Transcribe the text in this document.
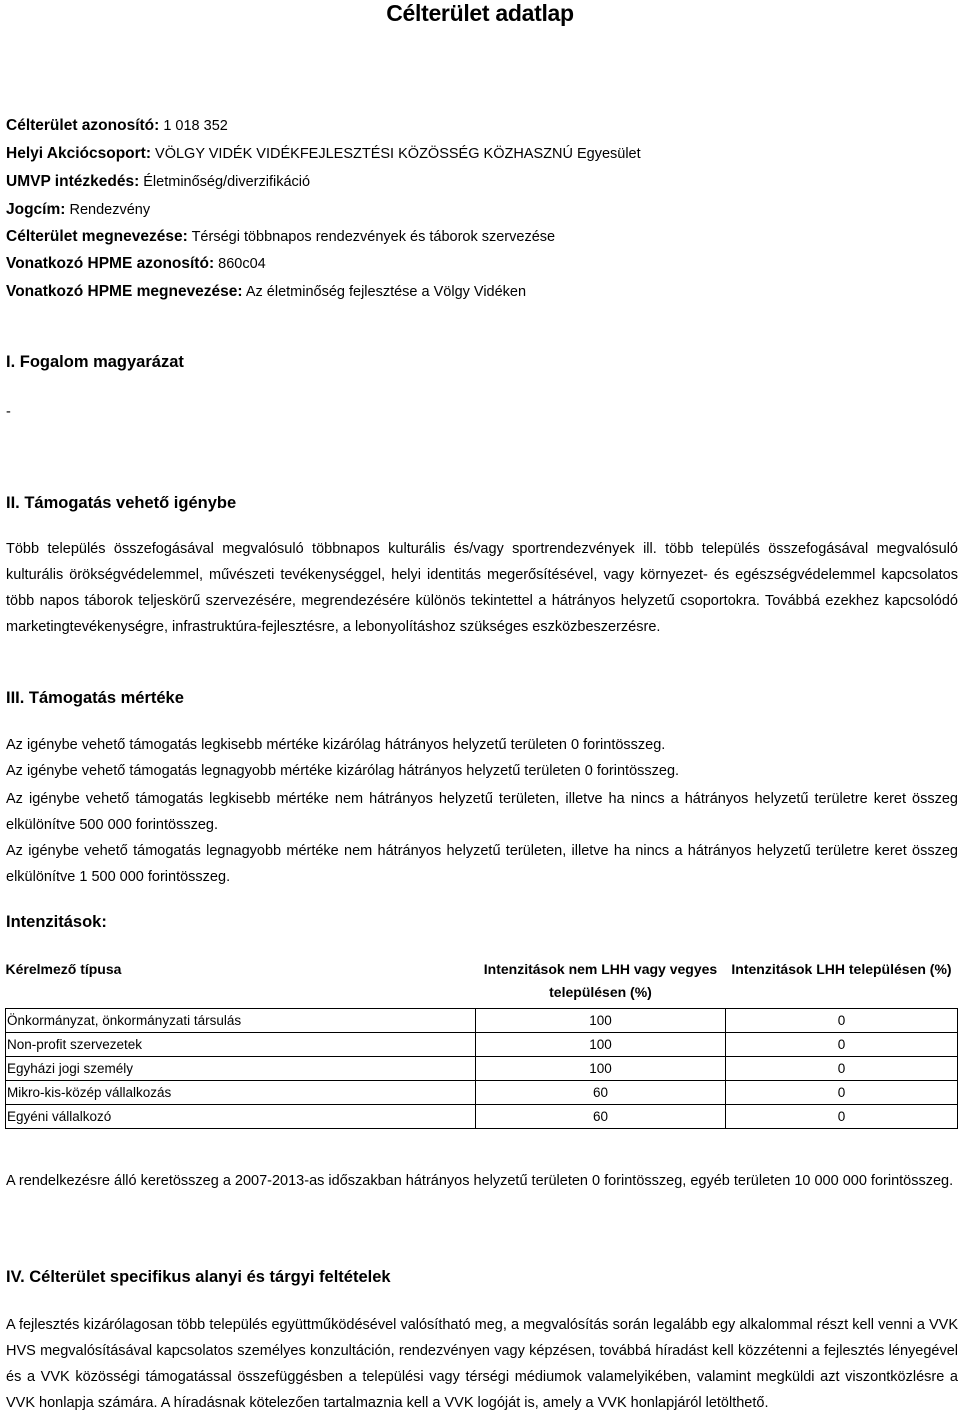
Célterület adatlap
Célterület azonosító: 1 018 352
Helyi Akciócsoport: VÖLGY VIDÉK VIDÉKFEJLESZTÉSI KÖZÖSSÉG KÖZHASZNÚ Egyesület
UMVP intézkedés: Életminőség/diverzifikáció
Jogcím: Rendezvény
Célterület megnevezése: Térségi többnapos rendezvények és táborok szervezése
Vonatkozó HPME azonosító: 860c04
Vonatkozó HPME megnevezése: Az életminőség fejlesztése a Völgy Vidéken
I. Fogalom magyarázat
-
II. Támogatás vehető igénybe
Több település összefogásával megvalósuló többnapos kulturális és/vagy sportrendezvények ill. több település összefogásával megvalósuló kulturális örökségvédelemmel, művészeti tevékenységgel, helyi identitás megerősítésével, vagy környezet- és egészségvédelemmel kapcsolatos több napos táborok teljeskörű szervezésére, megrendezésére különös tekintettel a hátrányos helyzetű csoportokra. Továbbá ezekhez kapcsolódó marketingtevékenységre, infrastruktúra-fejlesztésre, a lebonyolításhoz szükséges eszközbeszerzésre.
III. Támogatás mértéke
Az igénybe vehető támogatás legkisebb mértéke kizárólag hátrányos helyzetű területen 0 forintösszeg.
Az igénybe vehető támogatás legnagyobb mértéke kizárólag hátrányos helyzetű területen 0 forintösszeg.
Az igénybe vehető támogatás legkisebb mértéke nem hátrányos helyzetű területen, illetve ha nincs a hátrányos helyzetű területre keret összeg elkülönítve 500 000 forintösszeg.
Az igénybe vehető támogatás legnagyobb mértéke nem hátrányos helyzetű területen, illetve ha nincs a hátrányos helyzetű területre keret összeg elkülönítve 1 500 000 forintösszeg.
Intenzitások:
Kérelmező típusa	Intenzitások nem LHH vagy vegyes településen (%)	Intenzitások LHH településen (%)
Önkormányzat, önkormányzati társulás	100	0
Non-profit szervezetek	100	0
Egyházi jogi személy	100	0
Mikro-kis-közép vállalkozás	60	0
Egyéni vállalkozó	60	0
A rendelkezésre álló keretösszeg a 2007-2013-as időszakban hátrányos helyzetű területen 0 forintösszeg, egyéb területen 10 000 000 forintösszeg.
IV. Célterület specifikus alanyi és tárgyi feltételek
A fejlesztés kizárólagosan több település együttműködésével valósítható meg, a megvalósítás során legalább egy alkalommal részt kell venni a VVK HVS megvalósításával kapcsolatos személyes konzultáción, rendezvényen vagy képzésen, továbbá híradást kell közzétenni a fejlesztés lényegével és a VVK közösségi támogatással összefüggésben a települési vagy térségi médiumok valamelyikében, valamint megküldi azt viszontközlésre a VVK honlapja számára. A híradásnak kötelezően tartalmaznia kell a VVK logóját is, amely a VVK honlapjáról letölthető.
